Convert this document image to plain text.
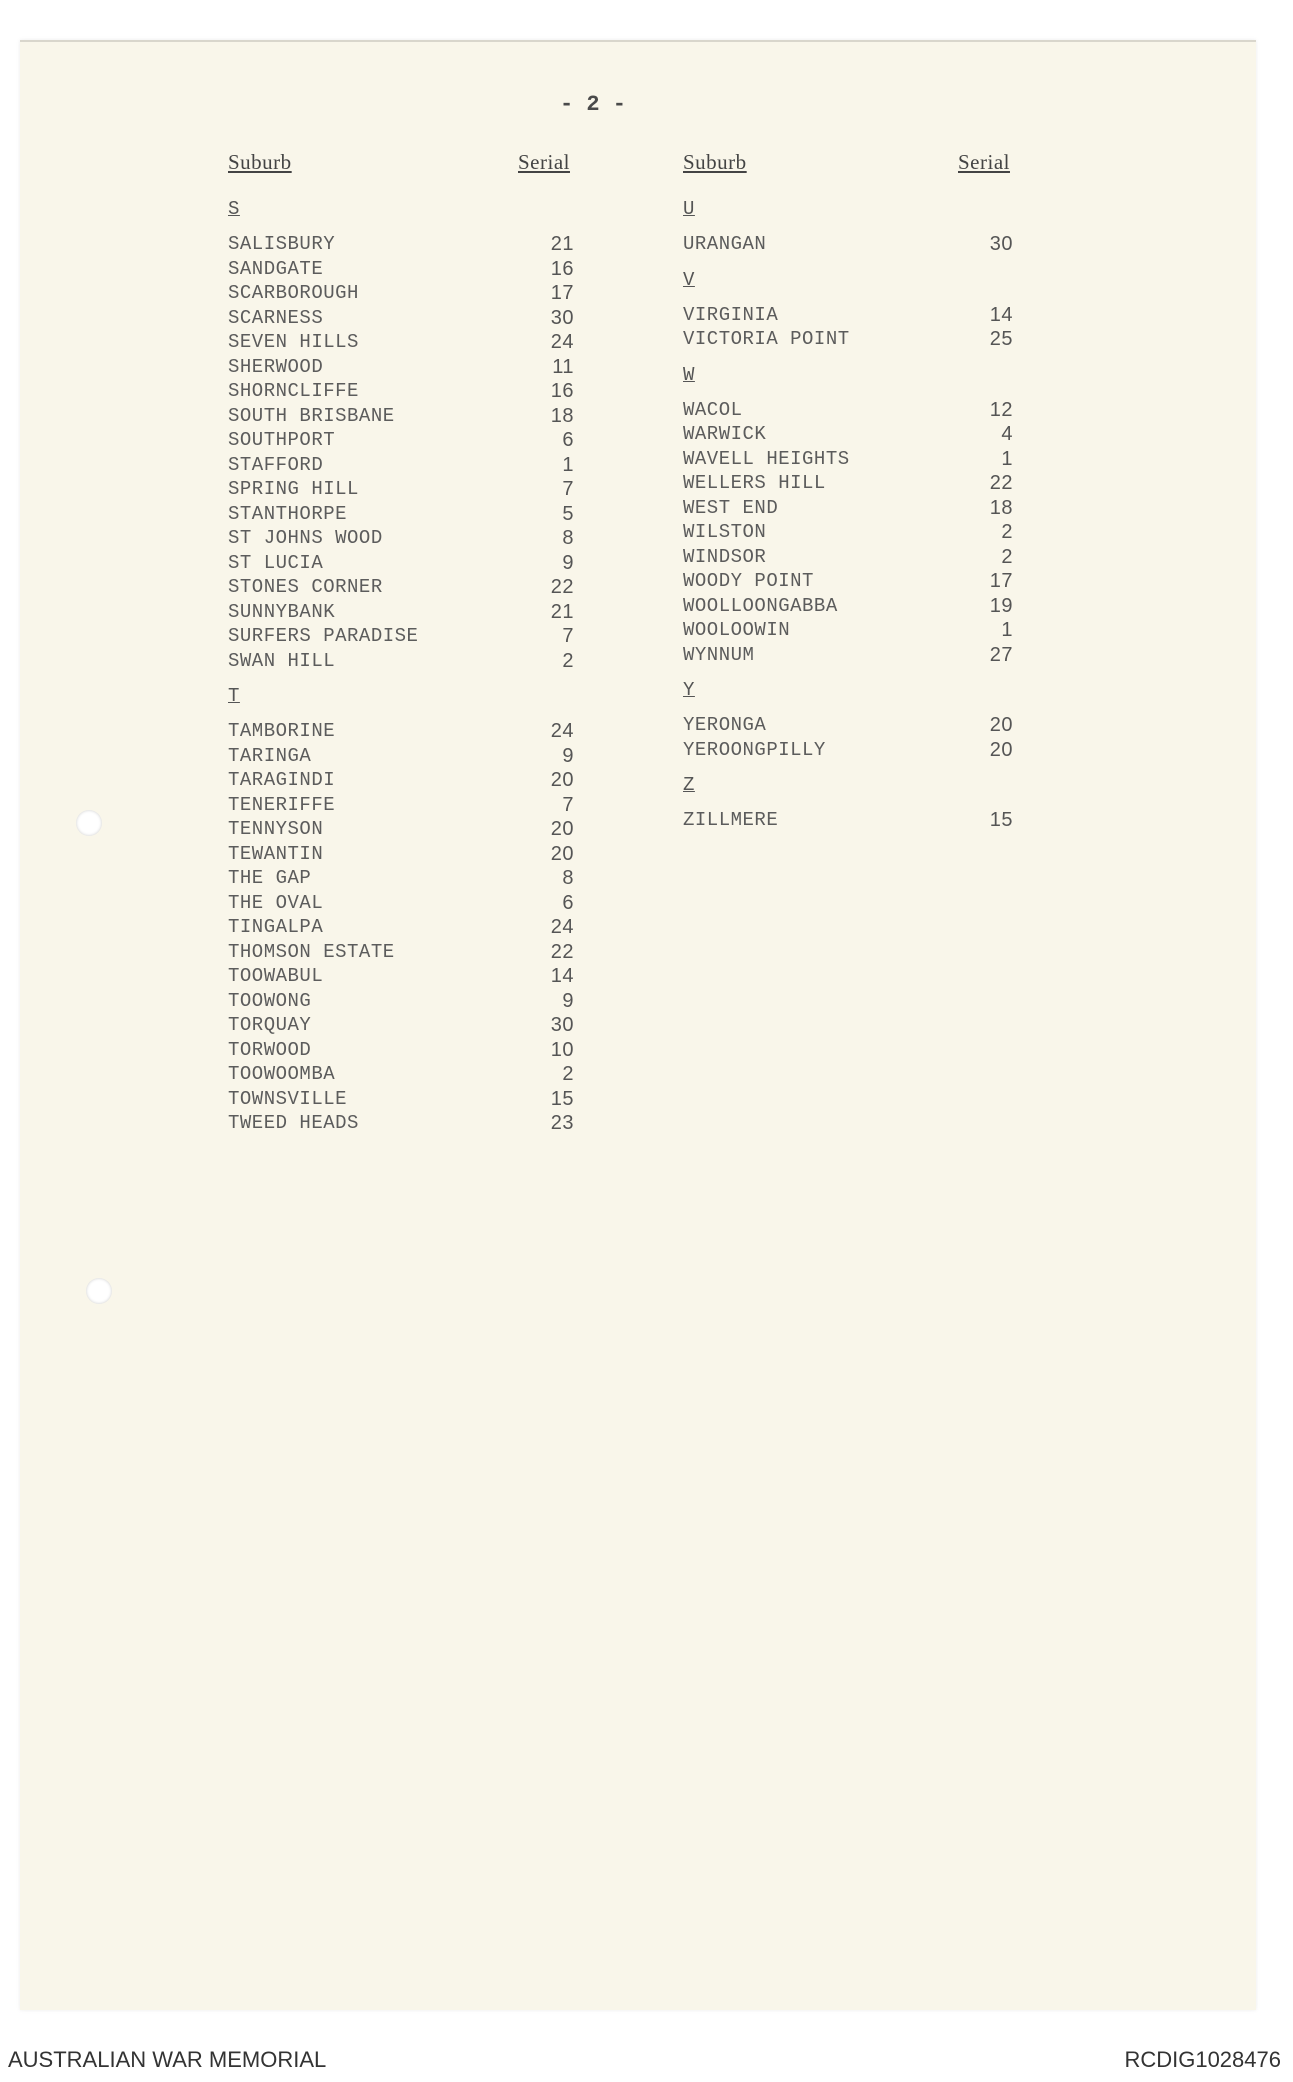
- 2 -
Suburb	Serial
S
SALISBURY	21
SANDGATE	16
SCARBOROUGH	17
SCARNESS	30
SEVEN HILLS	24
SHERWOOD	11
SHORNCLIFFE	16
SOUTH BRISBANE	18
SOUTHPORT	6
STAFFORD	1
SPRING HILL	7
STANTHORPE	5
ST JOHNS WOOD	8
ST LUCIA	9
STONES CORNER	22
SUNNYBANK	21
SURFERS PARADISE	7
SWAN HILL	2
T
TAMBORINE	24
TARINGA	9
TARAGINDI	20
TENERIFFE	7
TENNYSON	20
TEWANTIN	20
THE GAP	8
THE OVAL	6
TINGALPA	24
THOMSON ESTATE	22
TOOWABUL	14
TOOWONG	9
TORQUAY	30
TORWOOD	10
TOOWOOMBA	2
TOWNSVILLE	15
TWEED HEADS	23
Suburb	Serial
U
URANGAN	30
V
VIRGINIA	14
VICTORIA POINT	25
W
WACOL	12
WARWICK	4
WAVELL HEIGHTS	1
WELLERS HILL	22
WEST END	18
WILSTON	2
WINDSOR	2
WOODY POINT	17
WOOLLOONGABBA	19
WOOLOOWIN	1
WYNNUM	27
Y
YERONGA	20
YEROONGPILLY	20
Z
ZILLMERE	15
AUSTRALIAN WAR MEMORIAL	RCDIG1028476
